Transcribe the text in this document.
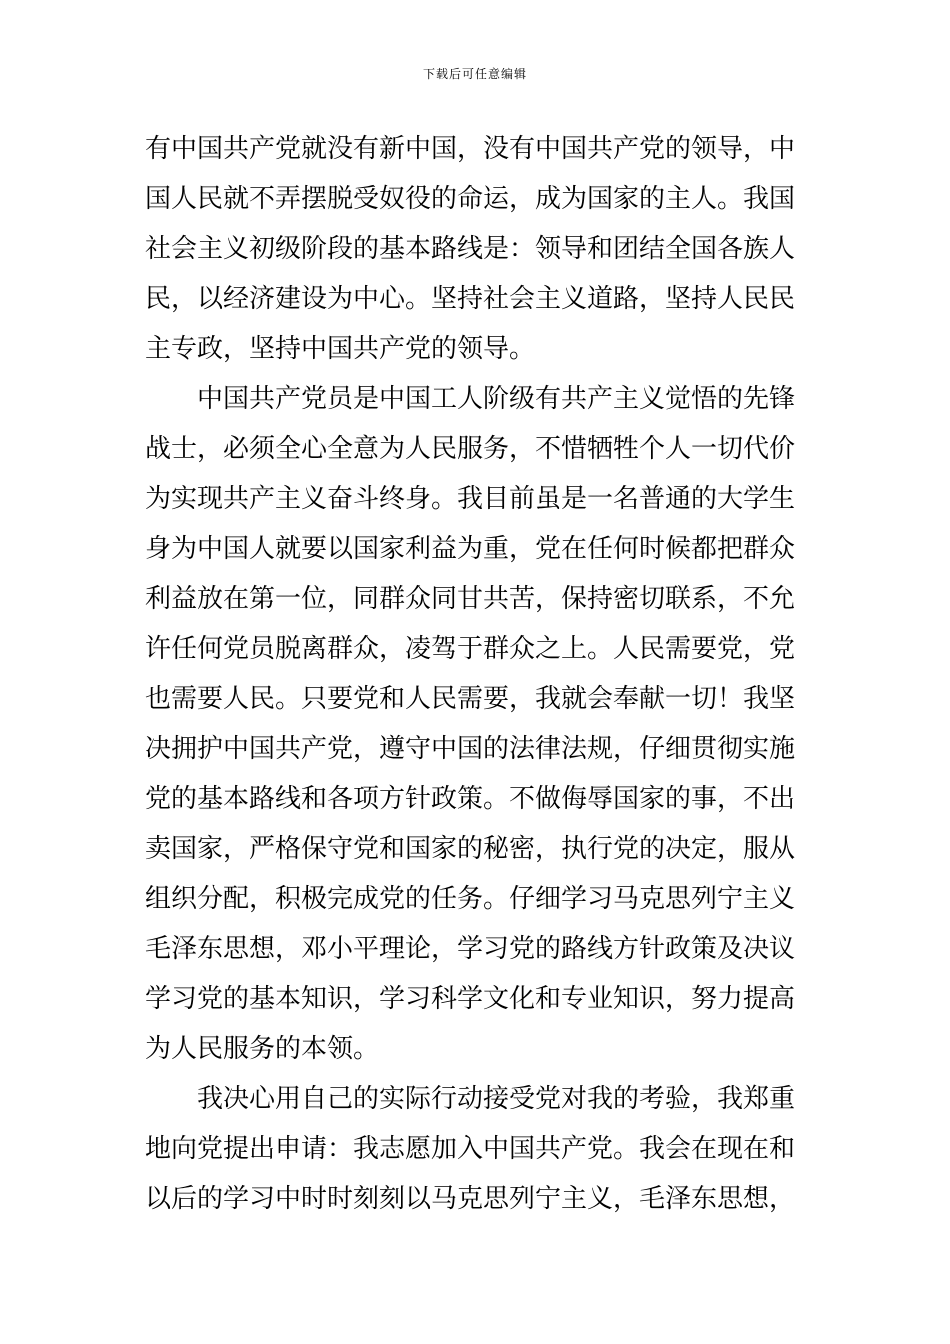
下载后可任意编辑
有中国共产党就没有新中国，没有中国共产党的领导，中
国人民就不弄摆脱受奴役的命运，成为国家的主人。我国
社会主义初级阶段的基本路线是：领导和团结全国各族人
民，以经济建设为中心。坚持社会主义道路，坚持人民民
主专政，坚持中国共产党的领导。
中国共产党员是中国工人阶级有共产主义觉悟的先锋
战士，必须全心全意为人民服务，不惜牺牲个人一切代价
为实现共产主义奋斗终身。我目前虽是一名普通的大学生
身为中国人就要以国家利益为重，党在任何时候都把群众
利益放在第一位，同群众同甘共苦，保持密切联系，不允
许任何党员脱离群众，凌驾于群众之上。人民需要党，党
也需要人民。只要党和人民需要，我就会奉献一切！我坚
决拥护中国共产党，遵守中国的法律法规，仔细贯彻实施
党的基本路线和各项方针政策。不做侮辱国家的事，不出
卖国家，严格保守党和国家的秘密，执行党的决定，服从
组织分配，积极完成党的任务。仔细学习马克思列宁主义
毛泽东思想，邓小平理论，学习党的路线方针政策及决议
学习党的基本知识，学习科学文化和专业知识，努力提高
为人民服务的本领。
我决心用自己的实际行动接受党对我的考验，我郑重
地向党提出申请：我志愿加入中国共产党。我会在现在和
以后的学习中时时刻刻以马克思列宁主义，毛泽东思想，
